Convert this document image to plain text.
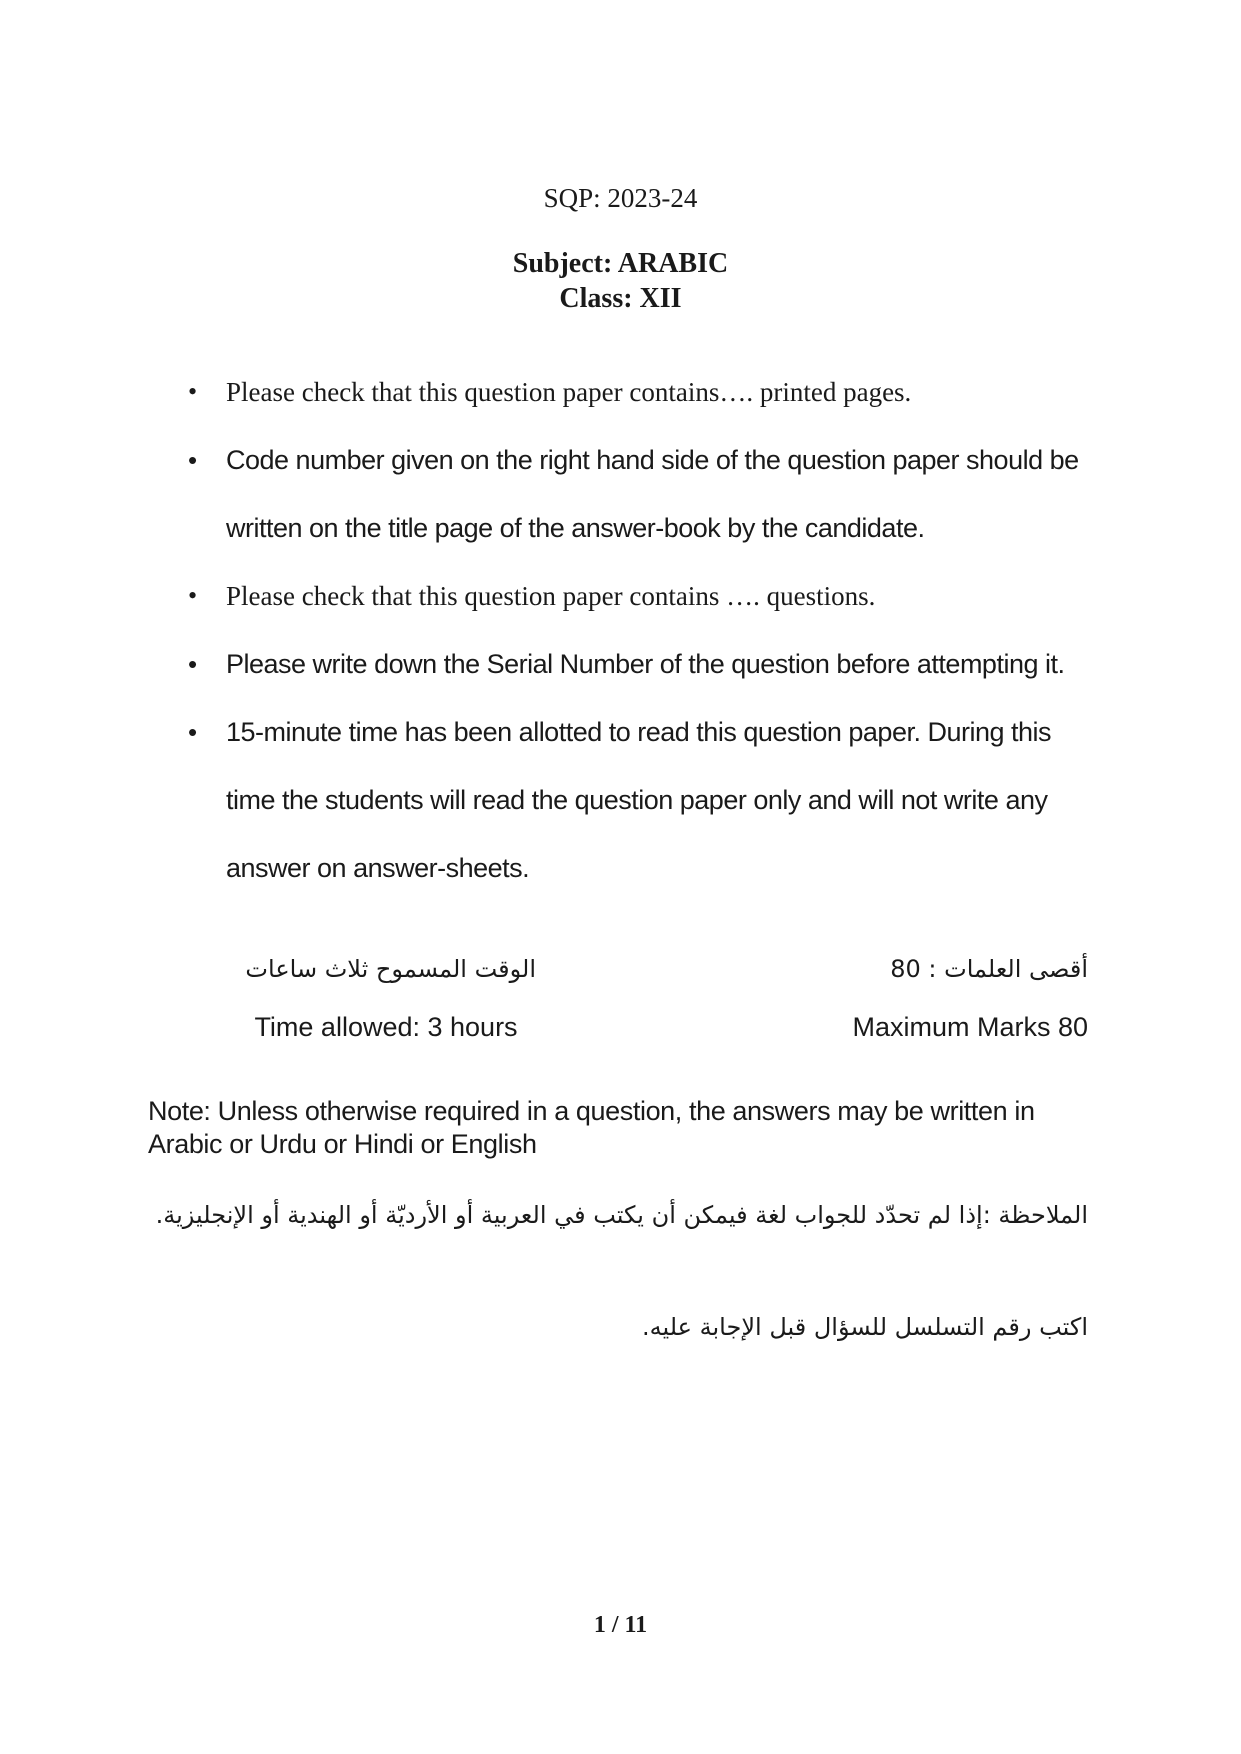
SQP: 2023-24
Subject: ARABIC
Class: XII
• Please check that this question paper contains…. printed pages.
• Code number given on the right hand side of the question paper should be written on the title page of the answer-book by the candidate.
• Please check that this question paper contains …. questions.
• Please write down the Serial Number of the question before attempting it.
• 15-minute time has been allotted to read this question paper. During this time the students will read the question paper only and will not write any answer on answer-sheets.
الوقت المسموح ثلاث ساعات	أقصى العلمات : 80
Time allowed: 3 hours	Maximum Marks 80
Note: Unless otherwise required in a question, the answers may be written in Arabic or Urdu or Hindi or English
الملاحظة :إذا لم تحدّد للجواب لغة فيمكن أن يكتب في العربية أو الأرديّة أو الهندية أو الإنجليزية.
اكتب رقم التسلسل للسؤال قبل الإجابة عليه.
1 / 11
